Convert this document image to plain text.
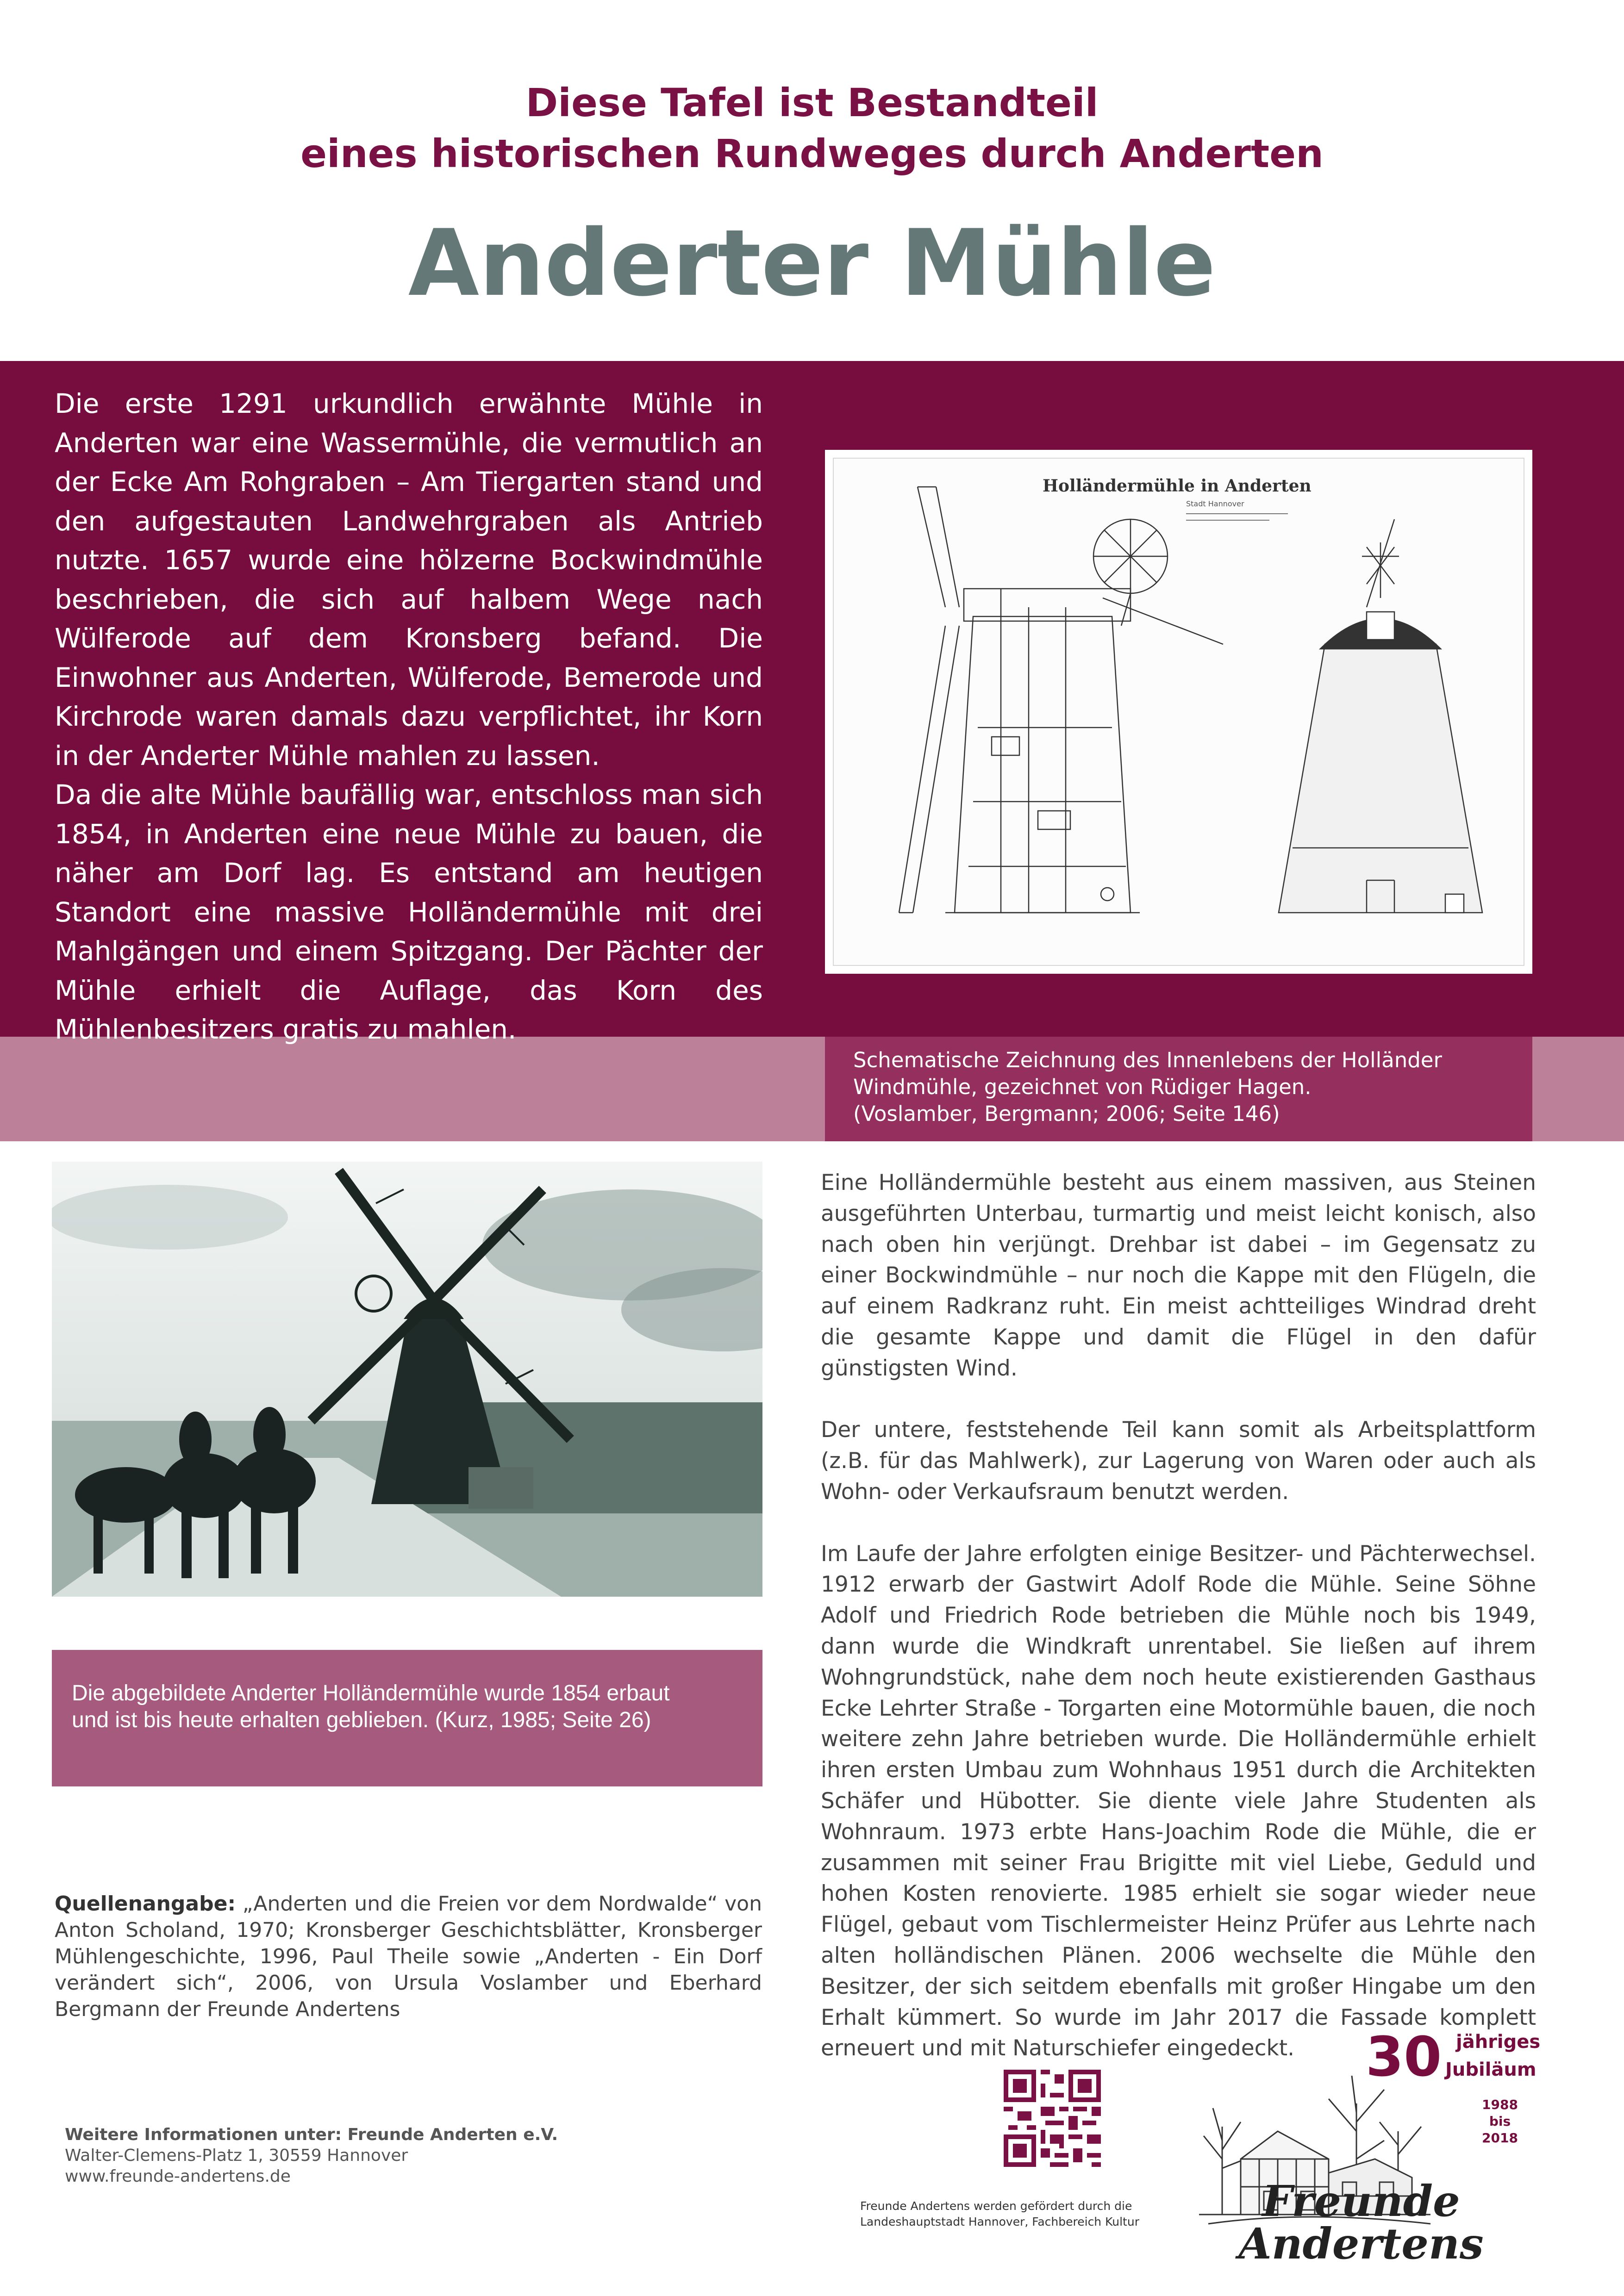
Diese Tafel ist Bestandteil
eines historischen Rundweges durch Anderten
Anderter Mühle

Die erste 1291 urkundlich erwähnte Mühle in Anderten war eine Wassermühle, die vermutlich an der Ecke Am Rohgraben – Am Tiergarten stand und den aufgestauten Landwehrgraben als Antrieb nutzte. 1657 wurde eine hölzerne Bockwindmühle beschrieben, die sich auf halbem Wege nach Wülferode auf dem Kronsberg befand. Die Einwohner aus Anderten, Wülferode, Bemerode und Kirchrode waren damals dazu verpflichtet, ihr Korn in der Anderter Mühle mahlen zu lassen.

Da die alte Mühle baufällig war, entschloss man sich 1854, in Anderten eine neue Mühle zu bauen, die näher am Dorf lag. Es entstand am heutigen Standort eine massive Holländermühle mit drei Mahlgängen und einem Spitzgang. Der Pächter der Mühle erhielt die Auflage, das Korn des Mühlenbesitzers gratis zu mahlen.

Holländermühle in Anderten
Stadt Hannover
Schematische Zeichnung des Innenlebens der Holländer
Windmühle, gezeichnet von Rüdiger Hagen.
(Voslamber, Bergmann; 2006; Seite 146)
Die abgebildete Anderter Holländermühle wurde 1854 erbaut
und ist bis heute erhalten geblieben. (Kurz, 1985; Seite 26)

Eine Holländermühle besteht aus einem massiven, aus Steinen ausgeführten Unterbau, turmartig und meist leicht konisch, also nach oben hin verjüngt. Drehbar ist dabei – im Gegensatz zu einer Bockwindmühle – nur noch die Kappe mit den Flügeln, die auf einem Radkranz ruht. Ein meist achtteiliges Windrad dreht die gesamte Kappe und damit die Flügel in den dafür günstigsten Wind.

Der untere, feststehende Teil kann somit als Arbeitsplattform (z.B. für das Mahlwerk), zur Lagerung von Waren oder auch als Wohn- oder Verkaufsraum benutzt werden.

Im Laufe der Jahre erfolgten einige Besitzer- und Pächterwechsel. 1912 erwarb der Gastwirt Adolf Rode die Mühle. Seine Söhne Adolf und Friedrich Rode betrieben die Mühle noch bis 1949, dann wurde die Windkraft unrentabel. Sie ließen auf ihrem Wohngrundstück, nahe dem noch heute existierenden Gasthaus Ecke Lehrter Straße - Torgarten eine Motormühle bauen, die noch weitere zehn Jahre betrieben wurde. Die Holländermühle erhielt ihren ersten Umbau zum Wohnhaus 1951 durch die Architekten Schäfer und Hübotter. Sie diente viele Jahre Studenten als Wohnraum. 1973 erbte Hans-Joachim Rode die Mühle, die er zusammen mit seiner Frau Brigitte mit viel Liebe, Geduld und hohen Kosten renovierte. 1985 erhielt sie sogar wieder neue Flügel, gebaut vom Tischlermeister Heinz Prüfer aus Lehrte nach alten holländischen Plänen. 2006 wechselte die Mühle den Besitzer, der sich seitdem ebenfalls mit großer Hingabe um den Erhalt kümmert. So wurde im Jahr 2017 die Fassade komplett erneuert und mit Naturschiefer eingedeckt.

Quellenangabe: „Anderten und die Freien vor dem Nordwalde“ von Anton Scholand, 1970; Kronsberger Geschichtsblätter, Kronsberger Mühlengeschichte, 1996, Paul Theile sowie „Anderten - Ein Dorf verändert sich“, 2006, von Ursula Voslamber und Eberhard Bergmann der Freunde Andertens
Weitere Informationen unter: Freunde Anderten e.V.
Walter-Clemens-Platz 1, 30559 Hannover
www.freunde-andertens.de
Freunde Andertens werden gefördert durch die
Landeshauptstadt Hannover, Fachbereich Kultur
30 jähriges
Jubiläum
1988
bis
2018
Freunde Andertens
